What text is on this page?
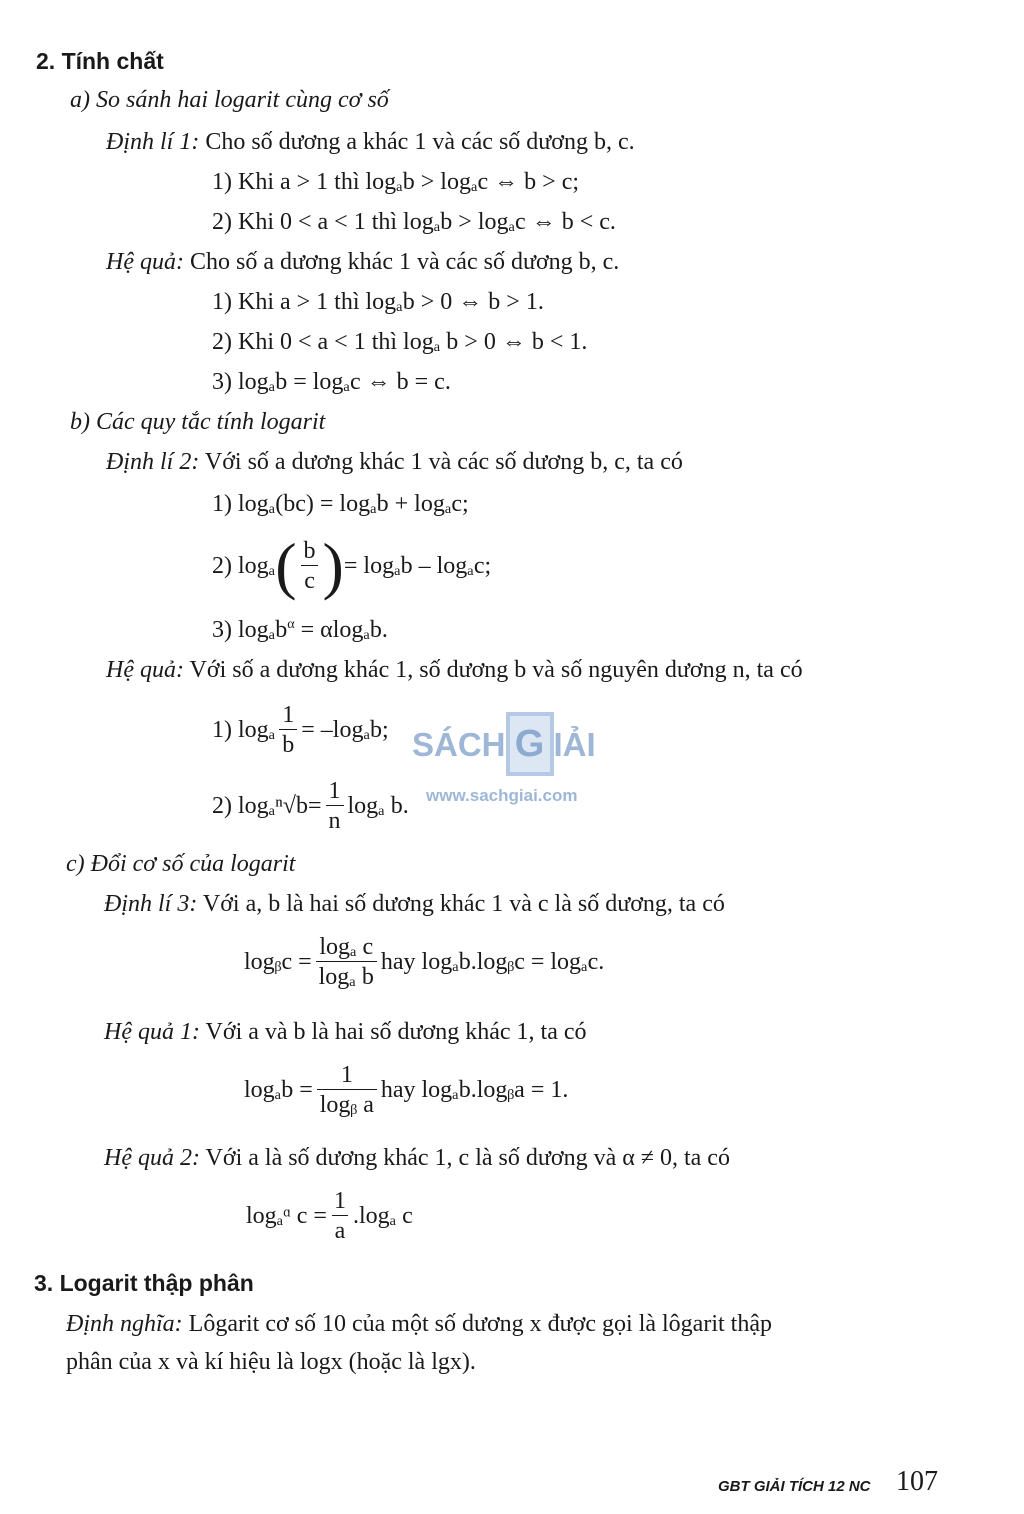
2. Tính chất
a) So sánh hai logarit cùng cơ số
Định lí 1: Cho số dương a khác 1 và các số dương b, c.
1) Khi a > 1 thì logₐb > logₐc ⇔ b > c;
2) Khi 0 < a < 1 thì logₐb > logₐc ⇔ b < c.
Hệ quả: Cho số a dương khác 1 và các số dương b, c.
1) Khi a > 1 thì logₐb > 0 ⇔ b > 1.
2) Khi 0 < a < 1 thì logₐ b > 0 ⇔ b < 1.
3) logₐb = logₐc ⇔ b = c.
b) Các quy tắc tính logarit
Định lí 2: Với số a dương khác 1 và các số dương b, c, ta có
1) logₐ(bc) = logₐb + logₐc;
2) logₐ ( $\frac{b}{c}$ ) = logₐb – logₐc;
3) logₐb$^\alpha$ = αlogₐb.
Hệ quả: Với số a dương khác 1, số dương b và số nguyên dương n, ta có
1) logₐ $\frac{1}{b} = -\log_ab$;
2) logₐ $^n√b = \frac{1}{n}$ logₐ b.
SÁCH G IẢI
www.sachgiai.com
c) Đổi cơ số của logarit
Định lí 3: Với a, b là hai số dương khác 1 và c là số dương, ta có
logᵦc = $\frac{\text{logₐ c}}{\text{logₐ b}}$ hay logₐb.logᵦc = logₐc.
Hệ quả 1: Với a và b là hai số dương khác 1, ta có
$\log_ab = \frac{1}{\text{logᵦ a}}$ hay logₐb.logᵦa = 1.
Hệ quả 2: Với a là số dương khác 1, c là số dương và α ≠ 0, ta có
logₐᵅ $c = \frac{1}{a} .\log_a$ c
3. Logarit thập phân
Định nghĩa: Lôgarit cơ số 10 của một số dương x được gọi là lôgarit thập
phân của x và kí hiệu là logx (hoặc là lgx).
GBT GIẢI TÍCH 12 NC 107
